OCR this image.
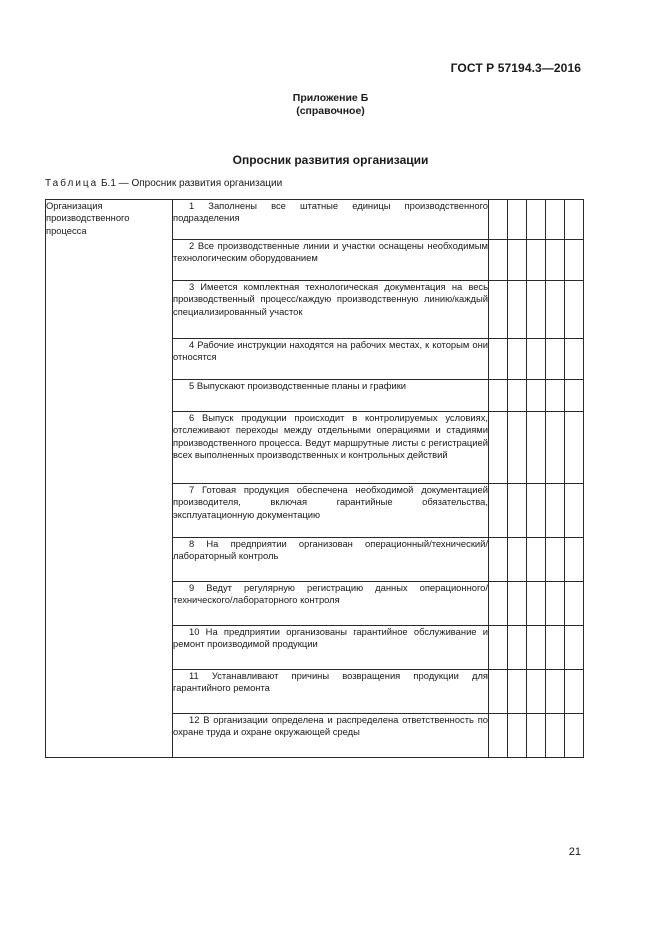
ГОСТ Р 57194.3—2016
Приложение Б
(справочное)
Опросник развития организации
Таблица Б.1 — Опросник развития организации
Организация производственного процесса	1 Заполнены все штатные единицы производственного подразделения					
	2 Все производственные линии и участки оснащены необходимым технологическим оборудованием					
	3 Имеется комплектная технологическая документация на весь производственный процесс/каждую производственную линию/каждый специализированный участок					
	4 Рабочие инструкции находятся на рабочих местах, к которым они относятся					
	5 Выпускают производственные планы и графики					
	6 Выпуск продукции происходит в контролируемых условиях, отслеживают переходы между отдельными операциями и стадиями производственного процесса. Ведут маршрутные листы с регистрацией всех выполненных производственных и контрольных действий					
	7 Готовая продукция обеспечена необходимой документацией производителя, включая гарантийные обязательства, эксплуатационную документацию					
	8 На предприятии организован операционный/технический/лабораторный контроль					
	9 Ведут регулярную регистрацию данных операционного/технического/лабораторного контроля					
	10 На предприятии организованы гарантийное обслуживание и ремонт производимой продукции					
	11 Устанавливают причины возвращения продукции для гарантийного ремонта					
	12 В организации определена и распределена ответственность по охране труда и охране окружающей среды					
21
